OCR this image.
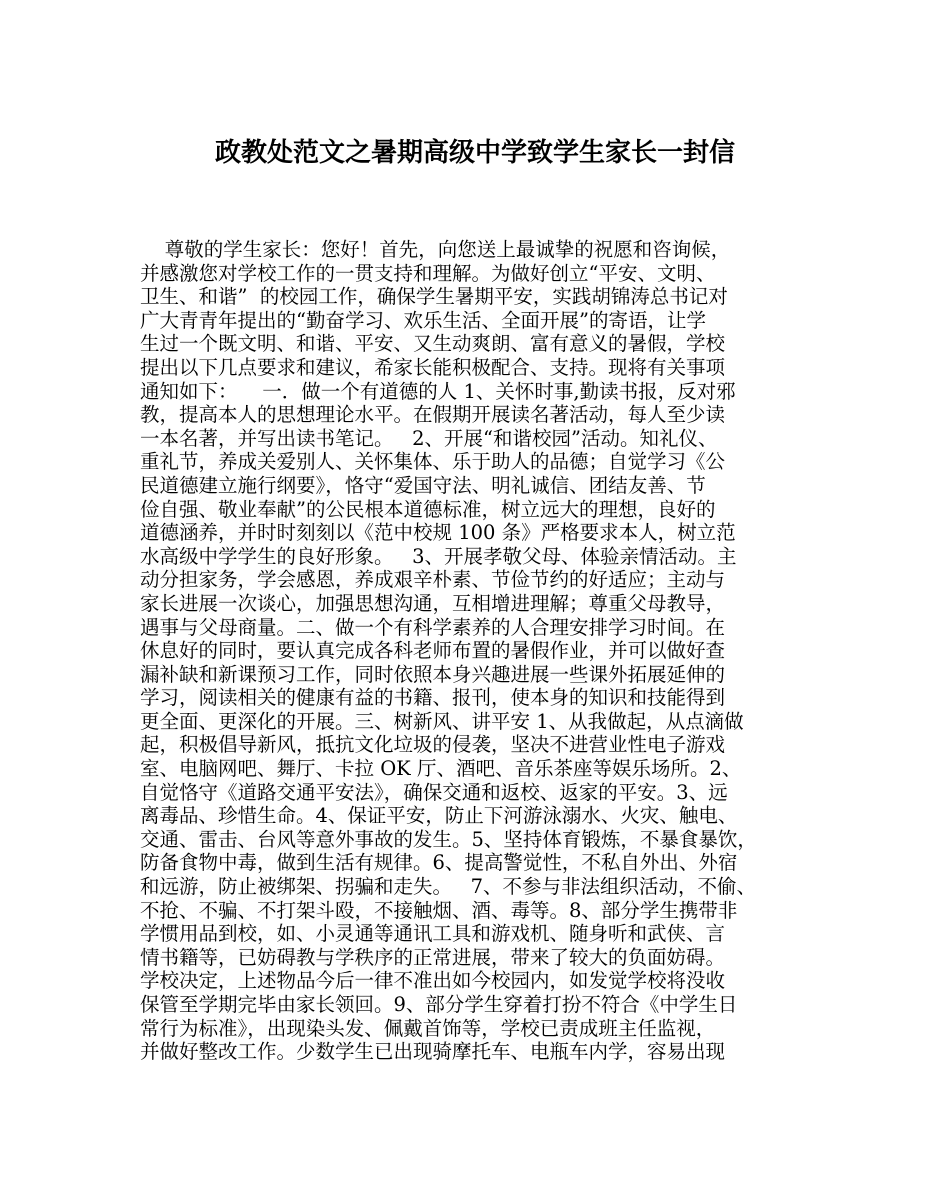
政教处范文之暑期高级中学致学生家长一封信
尊敬的学生家长：您好！首先，向您送上最诚挚的祝愿和咨询候，
并感激您对学校工作的一贯支持和理解。为做好创立“平安、文明、
卫生、和谐”  的校园工作，确保学生暑期平安，实践胡锦涛总书记对
广大青青年提出的“勤奋学习、欢乐生活、全面开展”的寄语，让学
生过一个既文明、和谐、平安、又生动爽朗、富有意义的暑假，学校
提出以下几点要求和建议，希家长能积极配合、支持。现将有关事项
通知如下：    一．做一个有道德的人 1、关怀时事,勤读书报，反对邪
教，提高本人的思想理论水平。在假期开展读名著活动，每人至少读
一本名著，并写出读书笔记。   2、开展“和谐校园”活动。知礼仪、
重礼节，养成关爱别人、关怀集体、乐于助人的品德；自觉学习《公
民道德建立施行纲要》，恪守“爱国守法、明礼诚信、团结友善、节
俭自强、敬业奉献”的公民根本道德标准，树立远大的理想，良好的
道德涵养，并时时刻刻以《范中校规 100 条》严格要求本人，树立范
水高级中学学生的良好形象。   3、开展孝敬父母、体验亲情活动。主
动分担家务，学会感恩，养成艰辛朴素、节俭节约的好适应；主动与
家长进展一次谈心，加强思想沟通，互相增进理解；尊重父母教导，
遇事与父母商量。二、做一个有科学素养的人合理安排学习时间。在
休息好的同时，要认真完成各科老师布置的暑假作业，并可以做好查
漏补缺和新课预习工作，同时依照本身兴趣进展一些课外拓展延伸的
学习，阅读相关的健康有益的书籍、报刊，使本身的知识和技能得到
更全面、更深化的开展。三、树新风、讲平安 1、从我做起，从点滴做
起，积极倡导新风，抵抗文化垃圾的侵袭，坚决不进营业性电子游戏
室、电脑网吧、舞厅、卡拉 OK 厅、酒吧、音乐茶座等娱乐场所。2、
自觉恪守《道路交通平安法》，确保交通和返校、返家的平安。3、远
离毒品、珍惜生命。4、保证平安，防止下河游泳溺水、火灾、触电、
交通、雷击、台风等意外事故的发生。5、坚持体育锻炼，不暴食暴饮，
防备食物中毒，做到生活有规律。6、提高警觉性，不私自外出、外宿
和远游，防止被绑架、拐骗和走失。   7、不参与非法组织活动，不偷、
不抢、不骗、不打架斗殴，不接触烟、酒、毒等。8、部分学生携带非
学惯用品到校，如、小灵通等通讯工具和游戏机、随身听和武侠、言
情书籍等，已妨碍教与学秩序的正常进展，带来了较大的负面妨碍。
学校决定，上述物品今后一律不准出如今校园内，如发觉学校将没收
保管至学期完毕由家长领回。9、部分学生穿着打扮不符合《中学生日
常行为标准》，出现染头发、佩戴首饰等，学校已责成班主任监视，
并做好整改工作。少数学生已出现骑摩托车、电瓶车内学，容易出现
